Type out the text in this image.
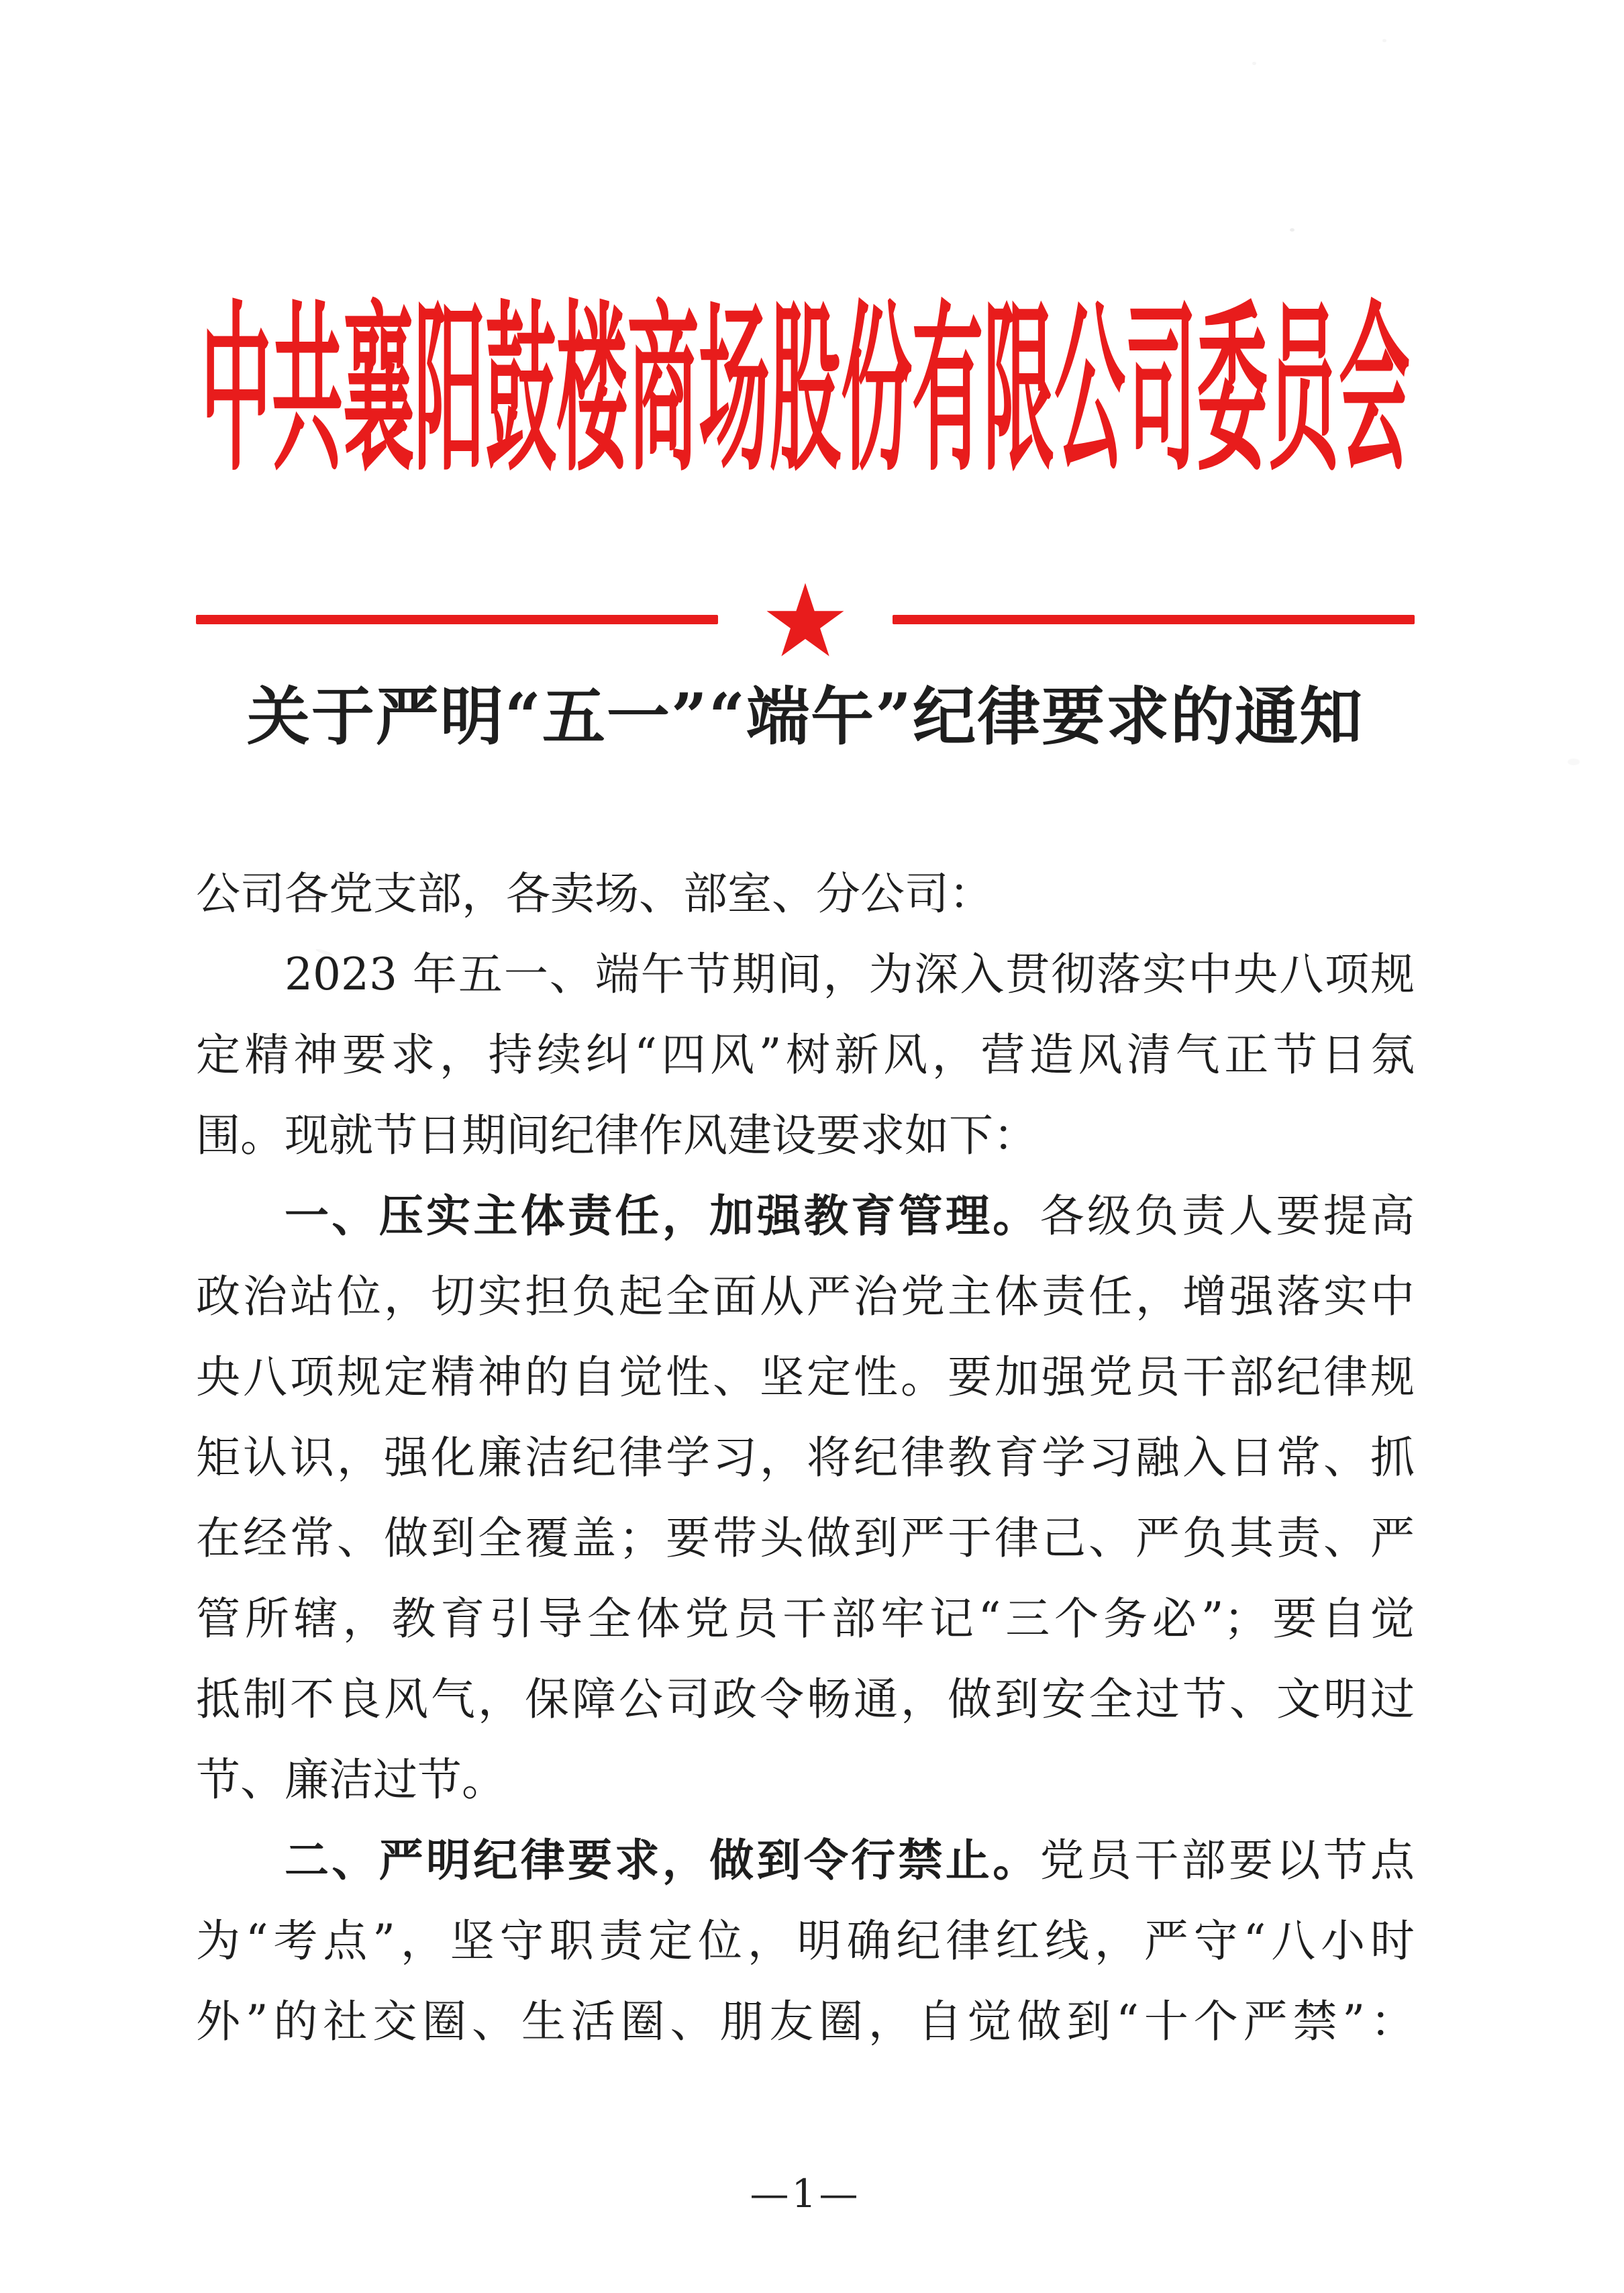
中共襄阳鼓楼商场股份有限公司委员会
★
关于严明“五一”“端午”纪律要求的通知
公司各党支部，各卖场、部室、分公司：
2023 年五一、端午节期间，为深入贯彻落实中央八项规
定精神要求，持续纠“四风”树新风，营造风清气正节日氛
围。现就节日期间纪律作风建设要求如下：
一、压实主体责任，加强教育管理。各级负责人要提高
政治站位，切实担负起全面从严治党主体责任，增强落实中
央八项规定精神的自觉性、坚定性。要加强党员干部纪律规
矩认识，强化廉洁纪律学习，将纪律教育学习融入日常、抓
在经常、做到全覆盖；要带头做到严于律己、严负其责、严
管所辖，教育引导全体党员干部牢记“三个务必”；要自觉
抵制不良风气，保障公司政令畅通，做到安全过节、文明过
节、廉洁过节。
二、严明纪律要求，做到令行禁止。党员干部要以节点
为“考点”，坚守职责定位，明确纪律红线，严守“八小时
外”的社交圈、生活圈、朋友圈，自觉做到“十个严禁”：
—1—
